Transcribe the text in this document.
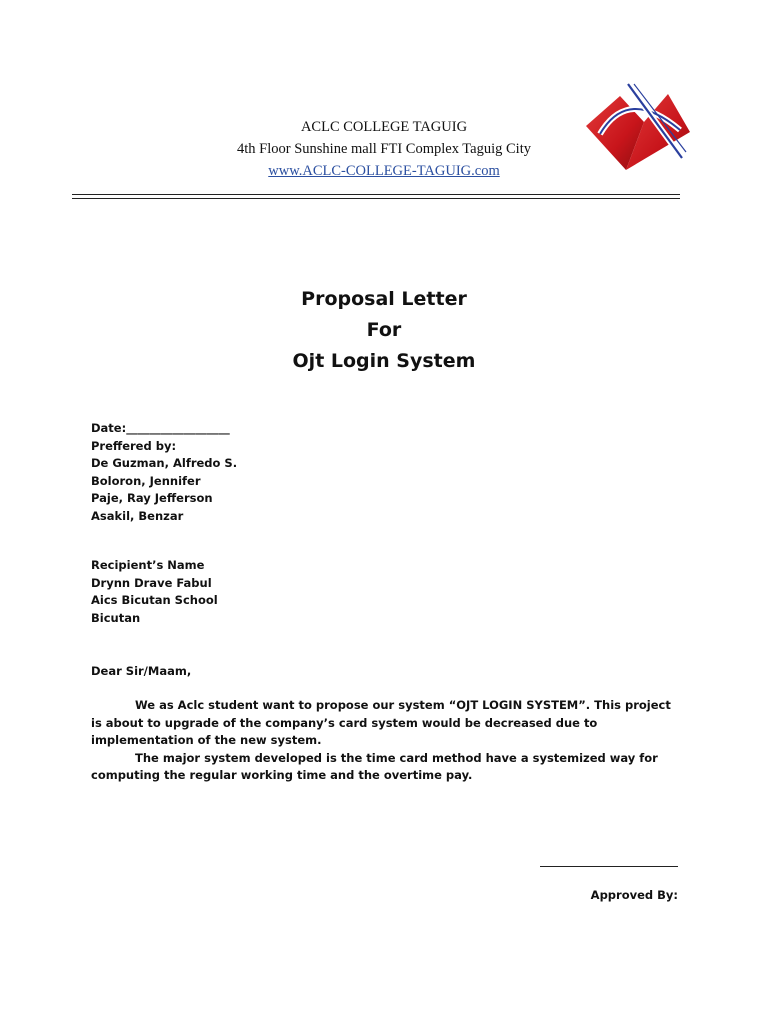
ACLC COLLEGE TAGUIG
4th Floor Sunshine mall FTI Complex Taguig City
www.ACLC-COLLEGE-TAGUIG.com
Proposal Letter
For
Ojt Login System
Date:__________________
Preffered by:
De Guzman, Alfredo S.
Boloron, Jennifer
Paje, Ray Jefferson
Asakil, Benzar
Recipient’s Name
Drynn Drave Fabul
Aics Bicutan School
Bicutan
Dear Sir/Maam,

We as Aclc student want to propose our system “OJT LOGIN SYSTEM”. This project is about to upgrade of the company’s card system would be decreased due to implementation of the new system.

The major system developed is the time card method have a systemized way for computing the regular working time and the overtime pay.

Approved By:
